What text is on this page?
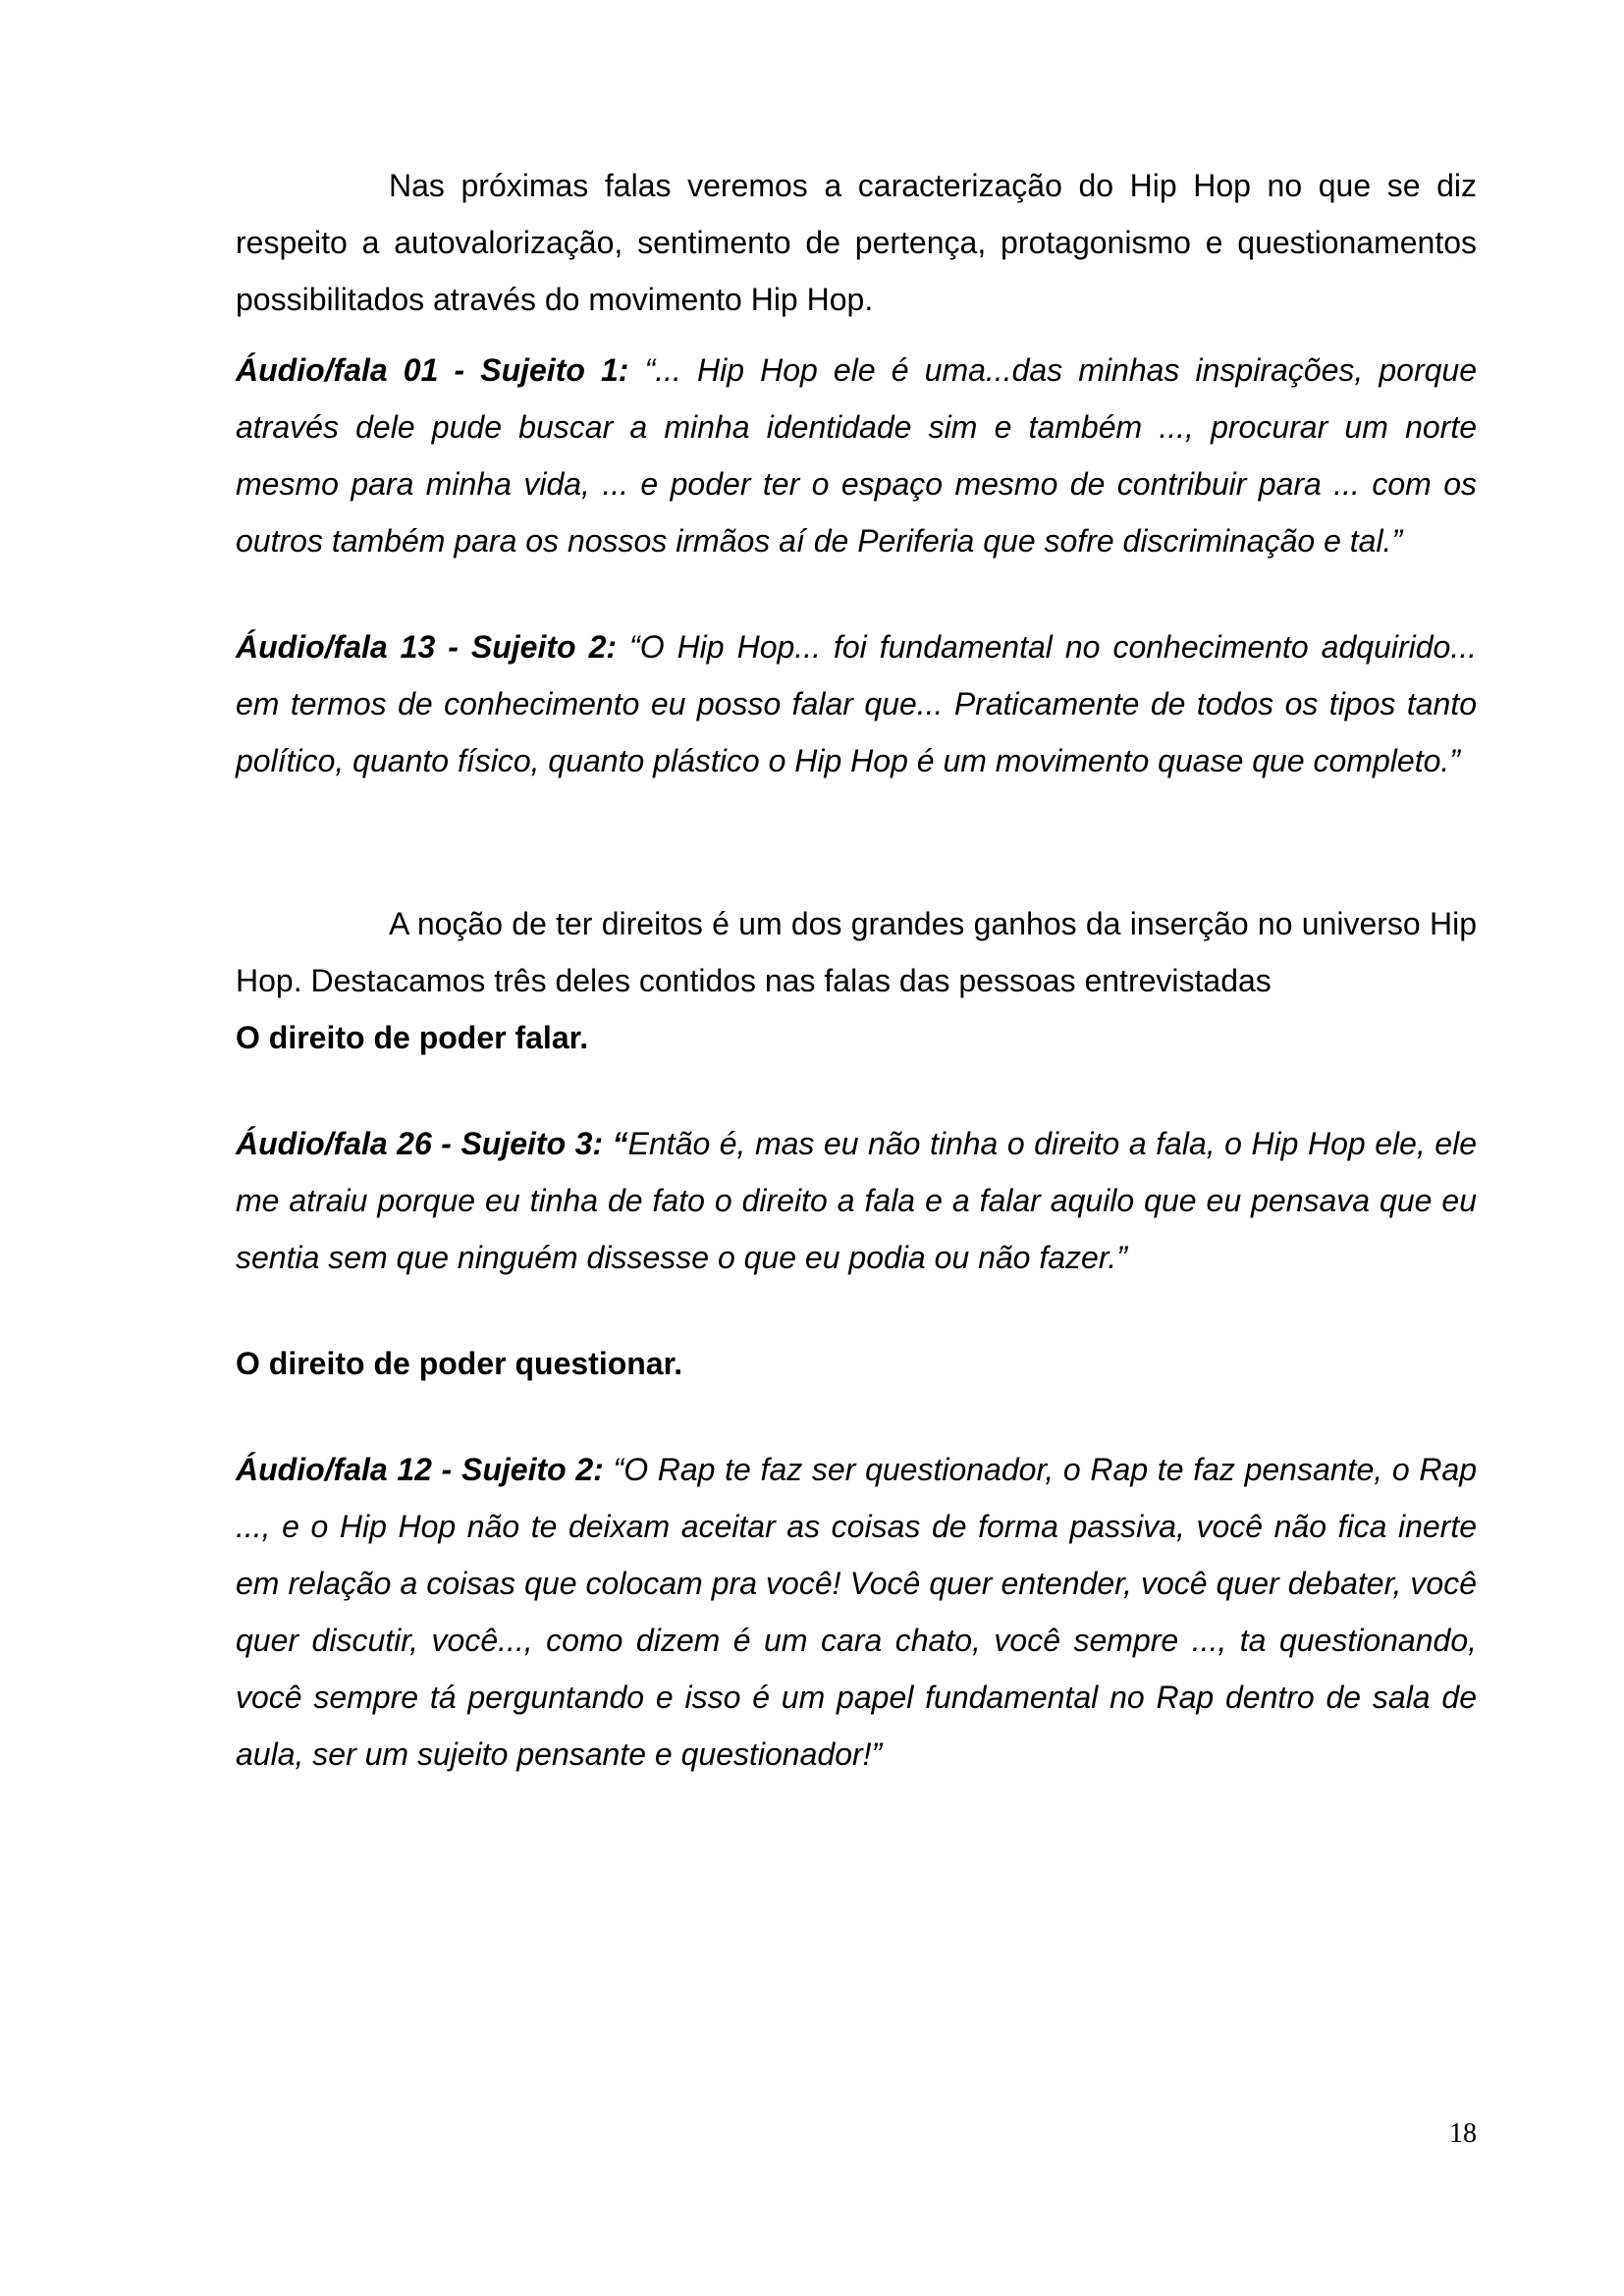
Nas próximas falas veremos a caracterização do Hip Hop no que se diz respeito a autovalorização, sentimento de pertença, protagonismo e questionamentos possibilitados através do movimento Hip Hop.

Áudio/fala 01 - Sujeito 1: “... Hip Hop ele é uma...das minhas inspirações, porque através dele pude buscar a minha identidade sim e também ..., procurar um norte mesmo para minha vida, ... e poder ter o espaço mesmo de contribuir para ... com os outros também para os nossos irmãos aí de Periferia que sofre discriminação e tal.”

Áudio/fala 13 - Sujeito 2: “O Hip Hop... foi fundamental no conhecimento adquirido... em termos de conhecimento eu posso falar que... Praticamente de todos os tipos tanto político, quanto físico, quanto plástico o Hip Hop é um movimento quase que completo.”

A noção de ter direitos é um dos grandes ganhos da inserção no universo Hip Hop. Destacamos três deles contidos nas falas das pessoas entrevistadas

O direito de poder falar.

Áudio/fala 26 - Sujeito 3: “Então é, mas eu não tinha o direito a fala, o Hip Hop ele, ele me atraiu porque eu tinha de fato o direito a fala e a falar aquilo que eu pensava que eu sentia sem que ninguém dissesse o que eu podia ou não fazer.”

O direito de poder questionar.

Áudio/fala 12 - Sujeito 2: “O Rap te faz ser questionador, o Rap te faz pensante, o Rap ..., e o Hip Hop não te deixam aceitar as coisas de forma passiva, você não fica inerte em relação a coisas que colocam pra você! Você quer entender, você quer debater, você quer discutir, você..., como dizem é um cara chato, você sempre ..., ta questionando, você sempre tá perguntando e isso é um papel fundamental no Rap dentro de sala de aula, ser um sujeito pensante e questionador!”

18
